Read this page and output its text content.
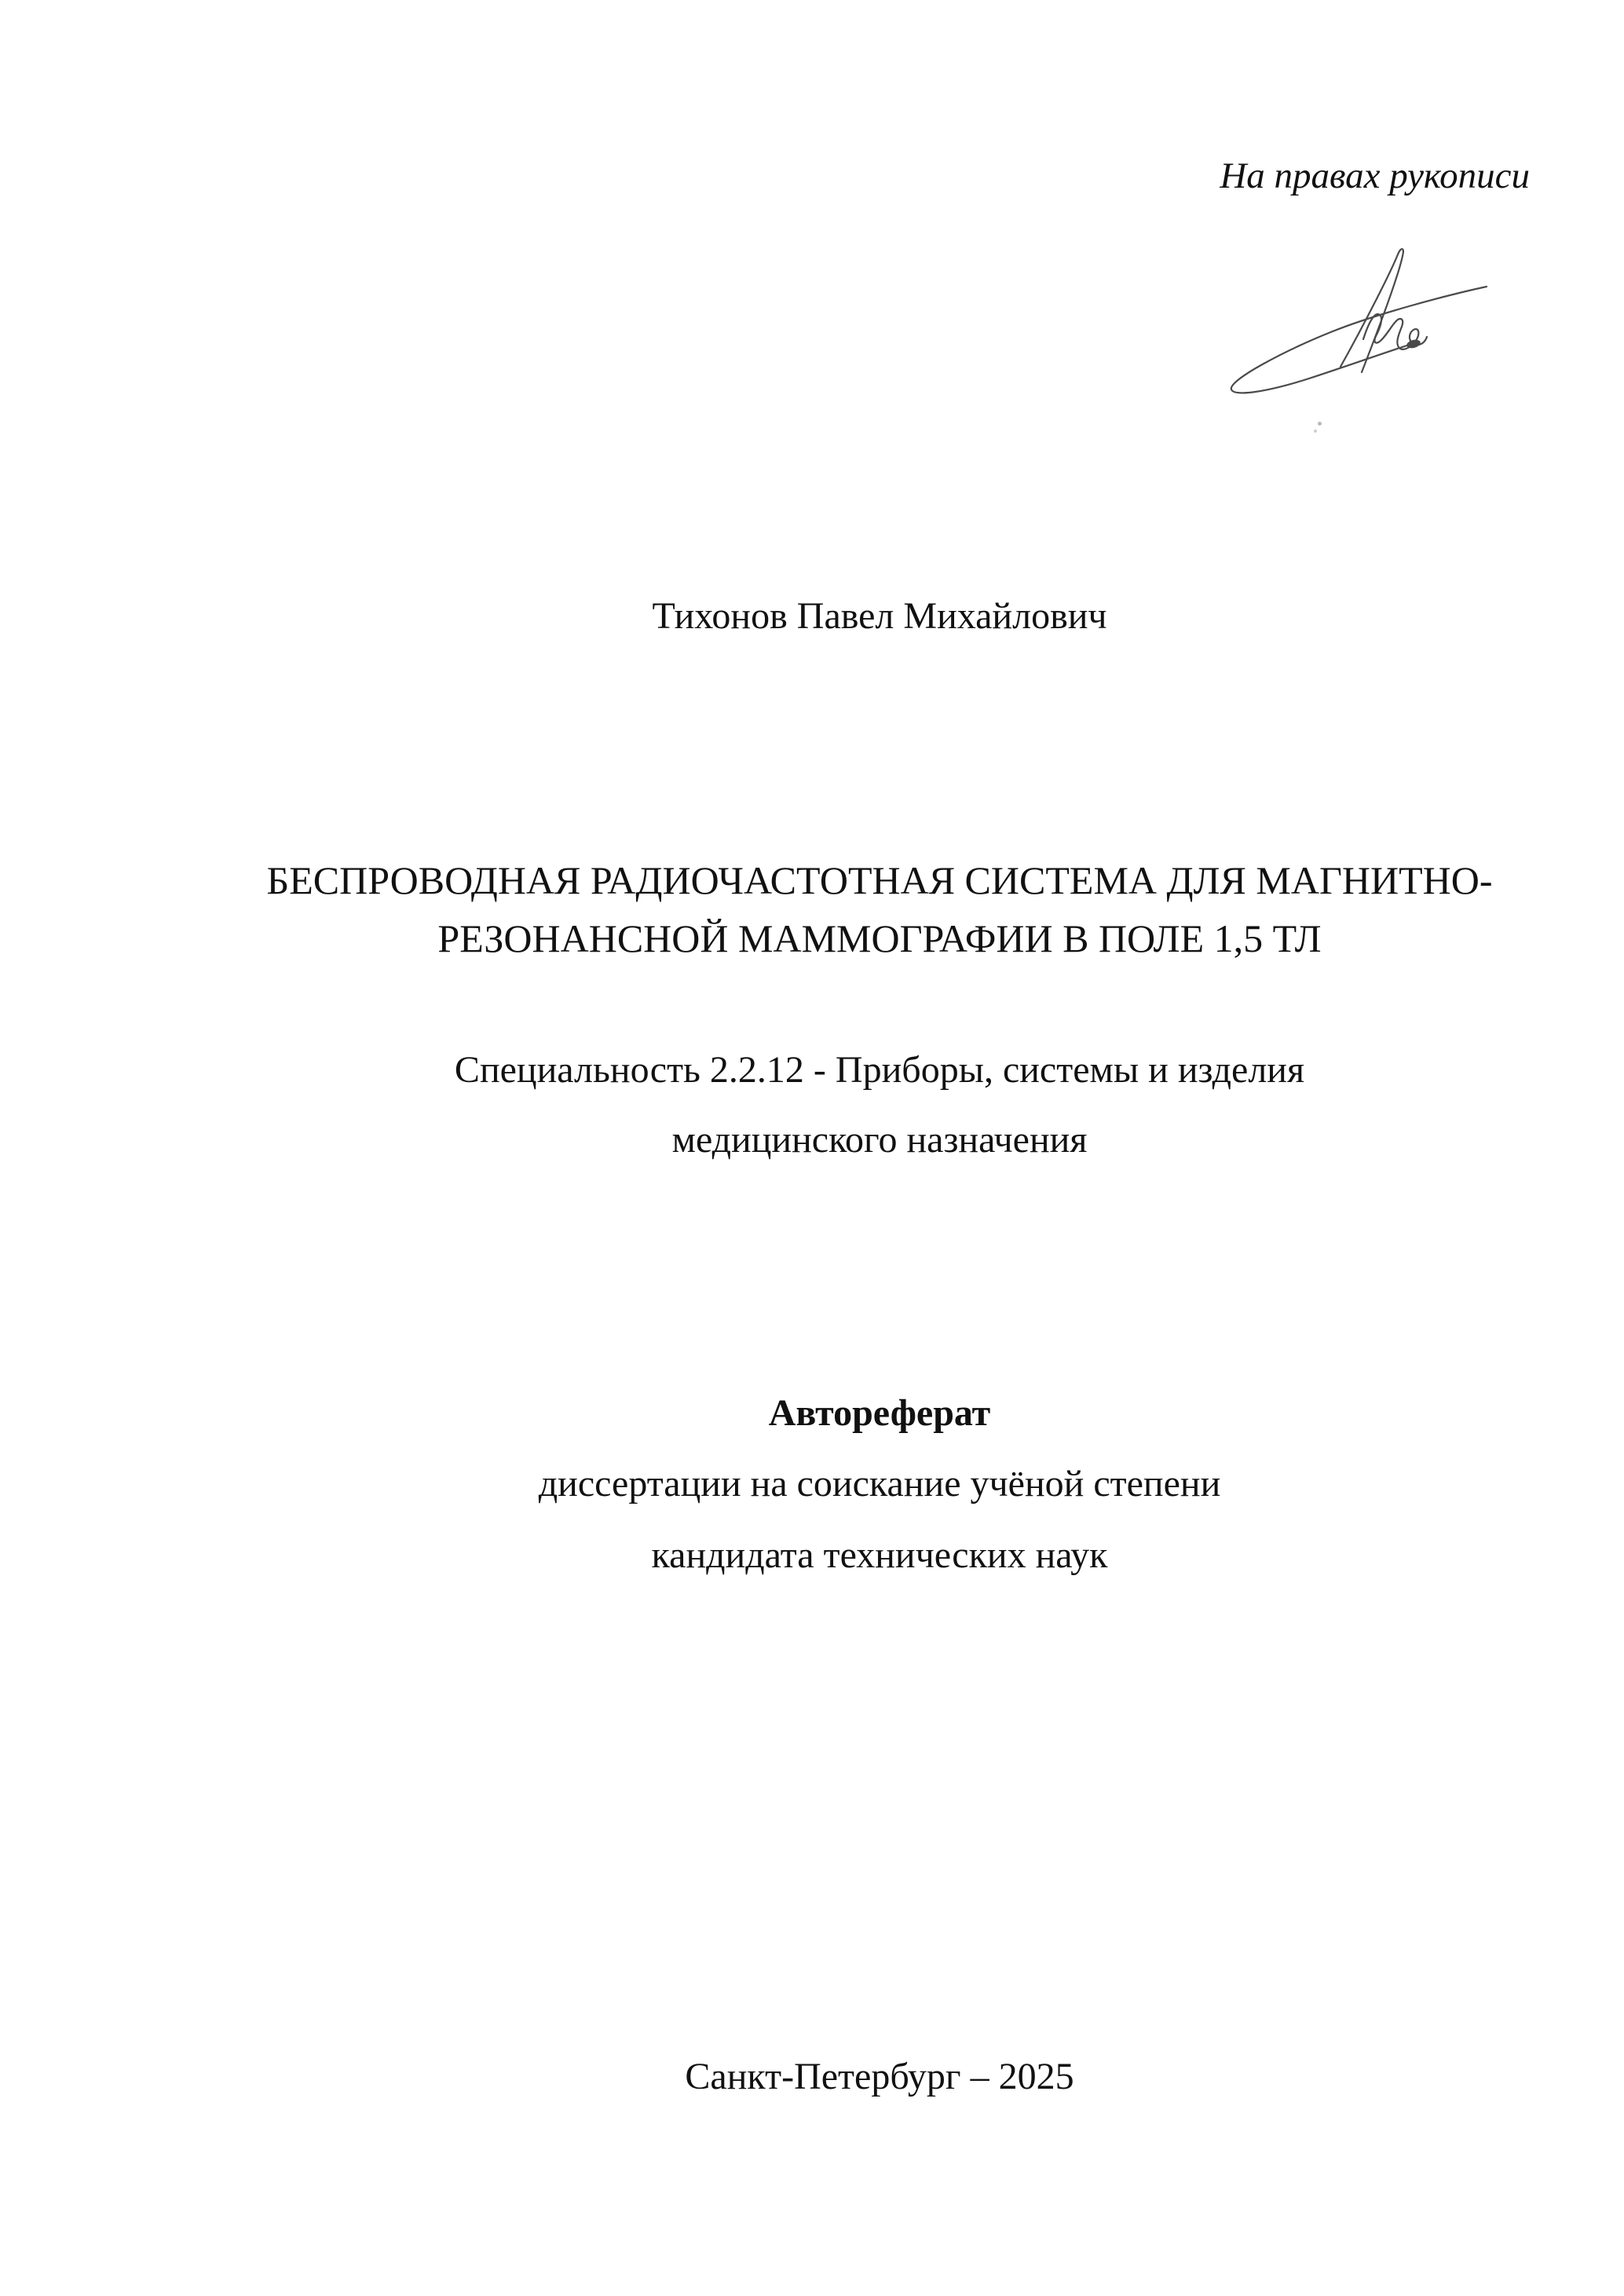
На правах рукописи
Тихонов Павел Михайлович
БЕСПРОВОДНАЯ РАДИОЧАСТОТНАЯ СИСТЕМА ДЛЯ МАГНИТНО-
РЕЗОНАНСНОЙ МАММОГРАФИИ В ПОЛЕ 1,5 ТЛ
Специальность 2.2.12 - Приборы, системы и изделия
медицинского назначения
Автореферат
диссертации на соискание учёной степени
кандидата технических наук
Санкт-Петербург – 2025
